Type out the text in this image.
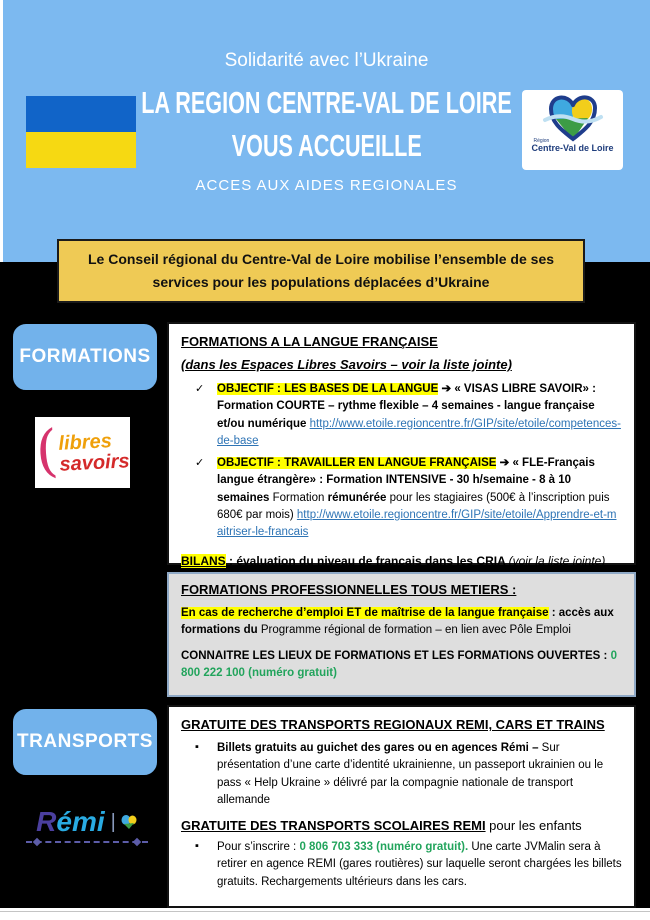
Solidarité avec l’Ukraine
LA REGION CENTRE-VAL DE LOIRE
VOUS ACCUEILLE
ACCES AUX AIDES REGIONALES
Région
Centre-Val de Loire
Le Conseil régional du Centre-Val de Loire mobilise l’ensemble de ses
services pour les populations déplacées d’Ukraine
FORMATIONS
(
libres
savoirs
FORMATIONS A LA LANGUE FRANÇAISE
(dans les Espaces Libres Savoirs – voir la liste jointe)
✓	OBJECTIF : LES BASES DE LA LANGUE ➔ « VISAS LIBRE SAVOIR» : Formation COURTE – rythme flexible – 4 semaines - langue française et/ou numérique http://www.etoile.regioncentre.fr/GIP/site/etoile/competences-de-base

✓	OBJECTIF : TRAVAILLER EN LANGUE FRANÇAISE ➔ « FLE-Français langue étrangère» : Formation INTENSIVE - 30 h/semaine - 8 à 10 semaines Formation rémunérée pour les stagiaires (500€ à l’inscription puis 680€ par mois) http://www.etoile.regioncentre.fr/GIP/site/etoile/Apprendre-et-maitriser-le-francais

BILANS : évaluation du niveau de français dans les CRIA (voir la liste jointe)

FORMATIONS PROFESSIONNELLES TOUS METIERS :

En cas de recherche d’emploi ET de maîtrise de la langue française : accès aux formations du Programme régional de formation – en lien avec Pôle Emploi

CONNAITRE LES LIEUX DE FORMATIONS ET LES FORMATIONS OUVERTES : 0 800 222 100 (numéro gratuit)

TRANSPORTS
R émi |
GRATUITE DES TRANSPORTS REGIONAUX REMI, CARS ET TRAINS
▪	Billets gratuits au guichet des gares ou en agences Rémi – Sur présentation d’une carte d’identité ukrainienne, un passeport ukrainien ou le pass « Help Ukraine » délivré par la compagnie nationale de transport allemande

GRATUITE DES TRANSPORTS SCOLAIRES REMI pour les enfants

▪	Pour s’inscrire : 0 806 703 333 (numéro gratuit). Une carte JVMalin sera à retirer en agence REMI (gares routières) sur laquelle seront chargées les billets gratuits. Rechargements ultérieurs dans les cars.
